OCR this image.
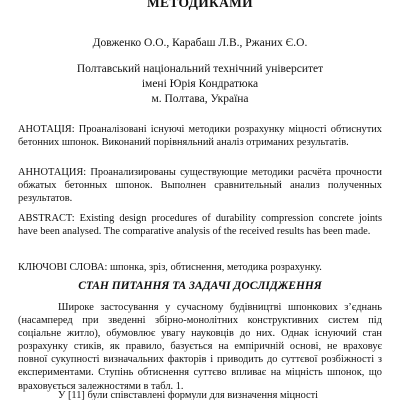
МЕТОДИКАМИ
Довженко О.О., Карабаш Л.В., Ржаних Є.О.
Полтавський національний технічний університет
імені Юрія Кондратюка
м. Полтава, Україна
АНОТАЦІЯ: Проаналізовані існуючі методики розрахунку міцності обтиснутих бетонних шпонок. Виконаний порівняльний аналіз отриманих результатів.
АННОТАЦИЯ: Проанализированы существующие методики расчёта прочности обжатых бетонных шпонок. Выполнен сравнительный анализ полученных результатов.
ABSTRACT: Existing design procedures of durability compression concrete joints have been analysed. The comparative analysis of the received results has been made.
КЛЮЧОВІ СЛОВА: шпонка, зріз, обтиснення, методика розрахунку.
СТАН ПИТАННЯ ТА ЗАДАЧІ ДОСЛІДЖЕННЯ
Широке застосування у сучасному будівництві шпонкових з’єднань (насамперед при зведенні збірно-монолітних конструктивних систем під соціальне житло), обумовлює увагу науковців до них. Однак існуючий стан розрахунку стиків, як правило, базується на емпіричній основі, не враховує повної сукупності визначальних факторів і приводить до суттєвої розбіжності з експериментами. Ступінь обтиснення суттєво впливає на міцність шпонок, що враховується залежностями в табл. 1.
У [11] були співставлені формули для визначення міцності
